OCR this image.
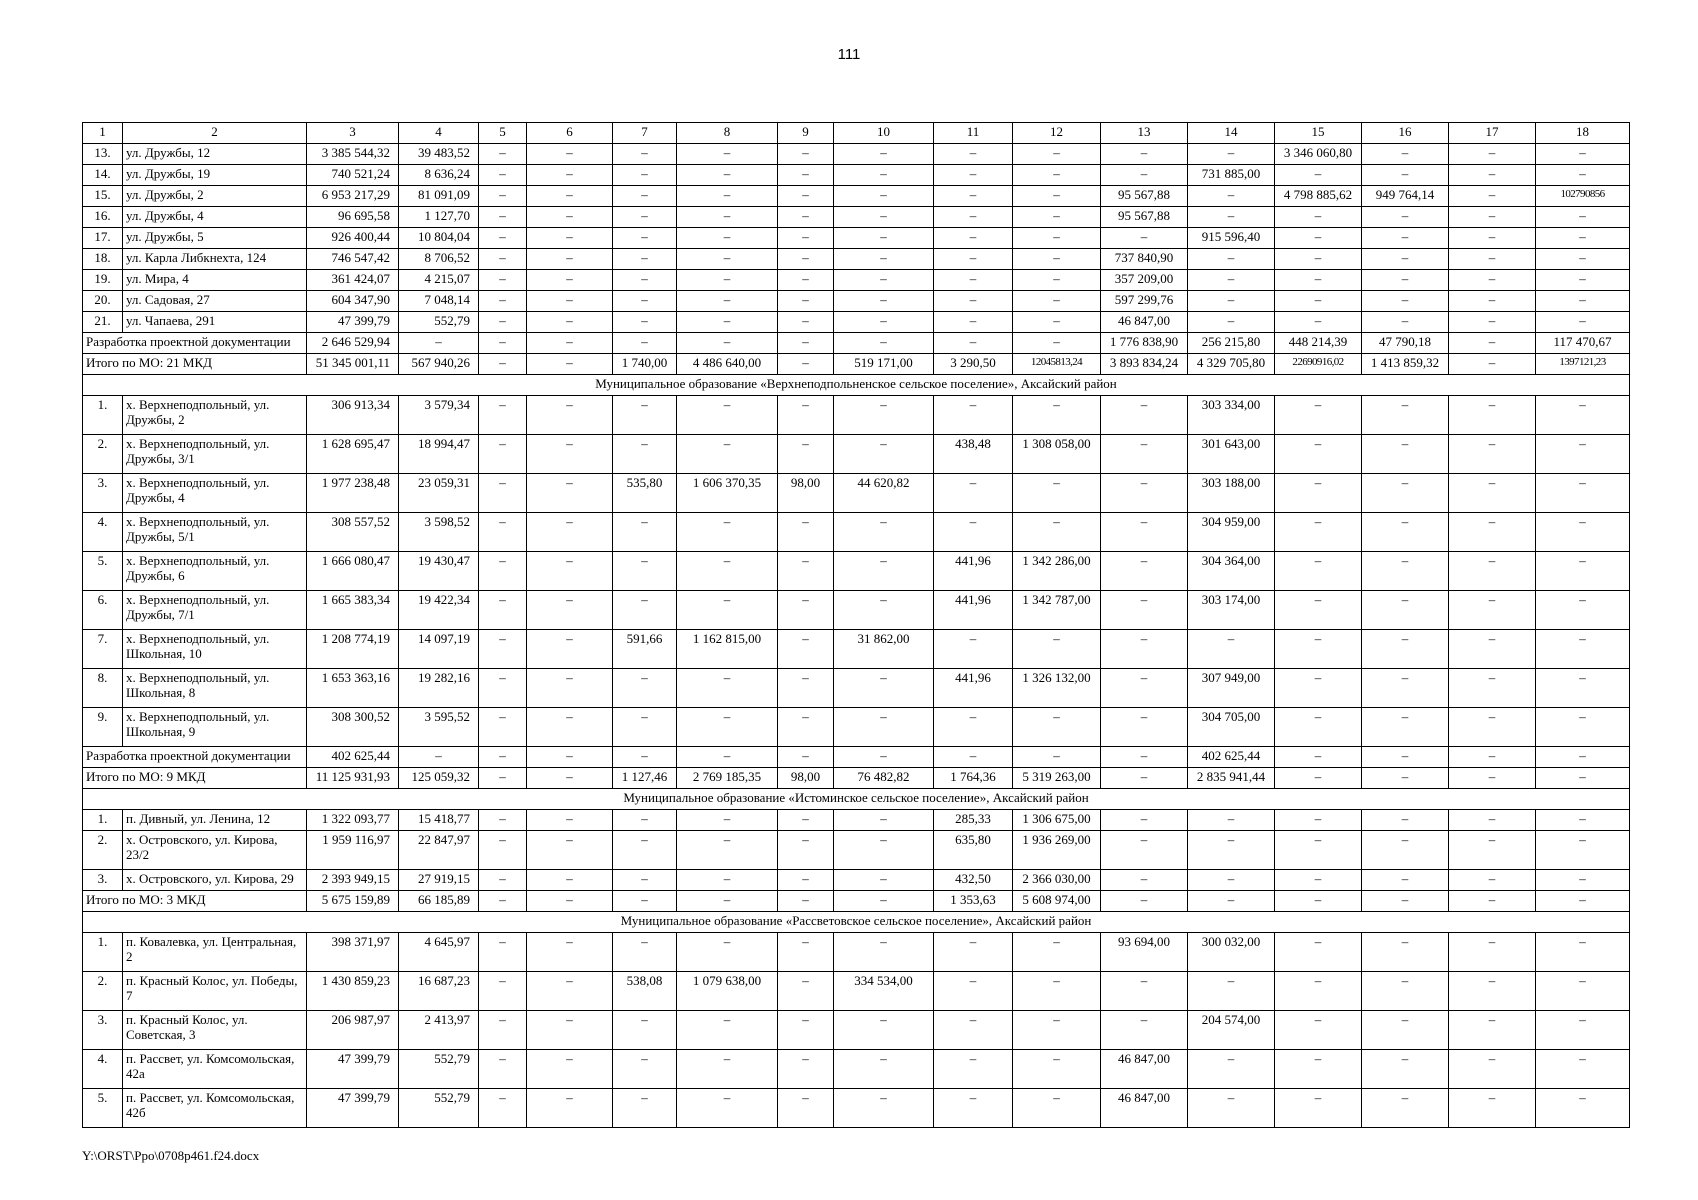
111
1	2	3	4	5	6	7	8	9	10	11	12	13	14	15	16	17	18
13.	ул. Дружбы, 12	3 385 544,32	39 483,52	–	–	–	–	–	–	–	–	–	–	3 346 060,80	–	–	–
14.	ул. Дружбы, 19	740 521,24	8 636,24	–	–	–	–	–	–	–	–	–	731 885,00	–	–	–	–
15.	ул. Дружбы, 2	6 953 217,29	81 091,09	–	–	–	–	–	–	–	–	95 567,88	–	4 798 885,62	949 764,14	–	102790856
16.	ул. Дружбы, 4	96 695,58	1 127,70	–	–	–	–	–	–	–	–	95 567,88	–	–	–	–	–
17.	ул. Дружбы, 5	926 400,44	10 804,04	–	–	–	–	–	–	–	–	–	915 596,40	–	–	–	–
18.	ул. Карла Либкнехта, 124	746 547,42	8 706,52	–	–	–	–	–	–	–	–	737 840,90	–	–	–	–	–
19.	ул. Мира, 4	361 424,07	4 215,07	–	–	–	–	–	–	–	–	357 209,00	–	–	–	–	–
20.	ул. Садовая, 27	604 347,90	7 048,14	–	–	–	–	–	–	–	–	597 299,76	–	–	–	–	–
21.	ул. Чапаева, 291	47 399,79	552,79	–	–	–	–	–	–	–	–	46 847,00	–	–	–	–	–
Разработка проектной документации		2 646 529,94	–	–	–	–	–	–	–	–	–	1 776 838,90	256 215,80	448 214,39	47 790,18	–	117 470,67
Итого по МО: 21 МКД		51 345 001,11	567 940,26	–	–	1 740,00	4 486 640,00	–	519 171,00	3 290,50	12045813,24	3 893 834,24	4 329 705,80	22690916,02	1 413 859,32	–	1397121,23
Муниципальное образование «Верхнеподпольненское сельское поселение», Аксайский район																	
1.	х. Верхнеподпольный, ул. Дружбы, 2	306 913,34	3 579,34	–	–	–	–	–	–	–	–	–	303 334,00	–	–	–	–
2.	х. Верхнеподпольный, ул. Дружбы, 3/1	1 628 695,47	18 994,47	–	–	–	–	–	–	438,48	1 308 058,00	–	301 643,00	–	–	–	–
3.	х. Верхнеподпольный, ул. Дружбы, 4	1 977 238,48	23 059,31	–	–	535,80	1 606 370,35	98,00	44 620,82	–	–	–	303 188,00	–	–	–	–
4.	х. Верхнеподпольный, ул. Дружбы, 5/1	308 557,52	3 598,52	–	–	–	–	–	–	–	–	–	304 959,00	–	–	–	–
5.	х. Верхнеподпольный, ул. Дружбы, 6	1 666 080,47	19 430,47	–	–	–	–	–	–	441,96	1 342 286,00	–	304 364,00	–	–	–	–
6.	х. Верхнеподпольный, ул. Дружбы, 7/1	1 665 383,34	19 422,34	–	–	–	–	–	–	441,96	1 342 787,00	–	303 174,00	–	–	–	–
7.	х. Верхнеподпольный, ул. Школьная, 10	1 208 774,19	14 097,19	–	–	591,66	1 162 815,00	–	31 862,00	–	–	–	–	–	–	–	–
8.	х. Верхнеподпольный, ул. Школьная, 8	1 653 363,16	19 282,16	–	–	–	–	–	–	441,96	1 326 132,00	–	307 949,00	–	–	–	–
9.	х. Верхнеподпольный, ул. Школьная, 9	308 300,52	3 595,52	–	–	–	–	–	–	–	–	–	304 705,00	–	–	–	–
Разработка проектной документации		402 625,44	–	–	–	–	–	–	–	–	–	–	402 625,44	–	–	–	–
Итого по МО: 9 МКД		11 125 931,93	125 059,32	–	–	1 127,46	2 769 185,35	98,00	76 482,82	1 764,36	5 319 263,00	–	2 835 941,44	–	–	–	–
Муниципальное образование «Истоминское сельское поселение», Аксайский район																	
1.	п. Дивный, ул. Ленина, 12	1 322 093,77	15 418,77	–	–	–	–	–	–	285,33	1 306 675,00	–	–	–	–	–	–
2.	х. Островского, ул. Кирова, 23/2	1 959 116,97	22 847,97	–	–	–	–	–	–	635,80	1 936 269,00	–	–	–	–	–	–
3.	х. Островского, ул. Кирова, 29	2 393 949,15	27 919,15	–	–	–	–	–	–	432,50	2 366 030,00	–	–	–	–	–	–
Итого по МО: 3 МКД		5 675 159,89	66 185,89	–	–	–	–	–	–	1 353,63	5 608 974,00	–	–	–	–	–	–
Муниципальное образование «Рассветовское сельское поселение», Аксайский район																	
1.	п. Ковалевка, ул. Центральная, 2	398 371,97	4 645,97	–	–	–	–	–	–	–	–	93 694,00	300 032,00	–	–	–	–
2.	п. Красный Колос, ул. Победы, 7	1 430 859,23	16 687,23	–	–	538,08	1 079 638,00	–	334 534,00	–	–	–	–	–	–	–	–
3.	п. Красный Колос, ул. Советская, 3	206 987,97	2 413,97	–	–	–	–	–	–	–	–	–	204 574,00	–	–	–	–
4.	п. Рассвет, ул. Комсомольская, 42а	47 399,79	552,79	–	–	–	–	–	–	–	–	46 847,00	–	–	–	–	–
5.	п. Рассвет, ул. Комсомольская, 42б	47 399,79	552,79	–	–	–	–	–	–	–	–	46 847,00	–	–	–	–	–
Y:\ORST\Ppo\0708p461.f24.docx
